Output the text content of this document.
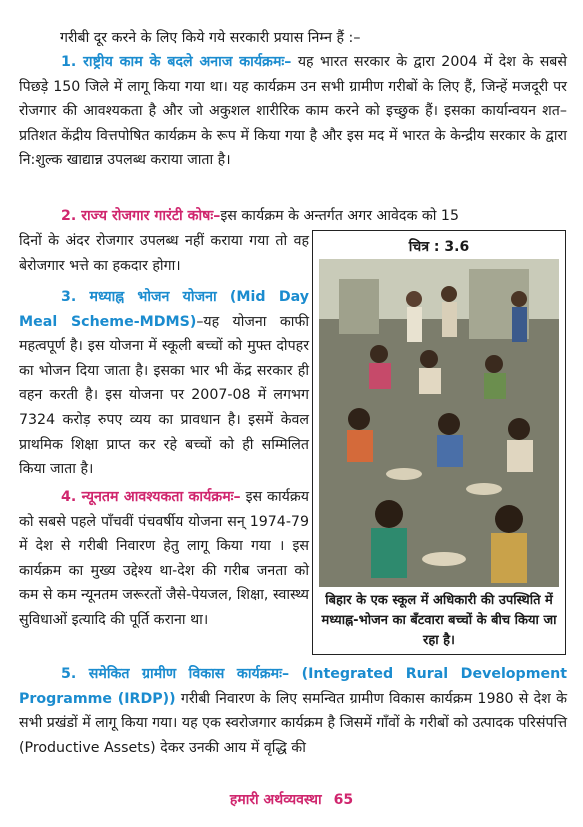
गरीबी दूर करने के लिए किये गये सरकारी प्रयास निम्न हैं :–
1. राष्ट्रीय काम के बदले अनाज कार्यक्रमः– यह भारत सरकार के द्वारा 2004 में देश के सबसे पिछड़े 150 जिले में लागू किया गया था। यह कार्यक्रम उन सभी ग्रामीण गरीबों के लिए हैं, जिन्हें मजदूरी पर रोजगार की आवश्यकता है और जो अकुशल शारीरिक काम करने को इच्छुक हैं। इसका कार्यान्वयन शत–प्रतिशत केंद्रीय वित्तपोषित कार्यक्रम के रूप में किया गया है और इस मद में भारत के केन्द्रीय सरकार के द्वारा नि:शुल्क खाद्यान्न उपलब्ध कराया जाता है।
2. राज्य रोजगार गारंटी कोषः–इस कार्यक्रम के अन्तर्गत अगर आवेदक को 15
दिनों के अंदर रोजगार उपलब्ध नहीं कराया गया तो वह बेरोजगार भत्ते का हकदार होगा।
3. मध्याह्न भोजन योजना (Mid Day Meal Scheme-MDMS)–यह योजना काफी महत्वपूर्ण है। इस योजना में स्कूली बच्चों को मुफ्त दोपहर का भोजन दिया जाता है। इसका भार भी केंद्र सरकार ही वहन करती है। इस योजना पर 2007-08 में लगभग 7324 करोड़ रुपए व्यय का प्रावधान है। इसमें केवल प्राथमिक शिक्षा प्राप्त कर रहे बच्चों को ही सम्मिलित किया जाता है।
4. न्यूनतम आवश्यकता कार्यक्रमः– इस कार्यक्रय को सबसे पहले पाँचवीं पंचवर्षीय योजना सन् 1974-79 में देश से गरीबी निवारण हेतु लागू किया गया । इस कार्यक्रम का मुख्य उद्देश्य था-देश की गरीब जनता को कम से कम न्यूनतम जरूरतों जैसे-पेयजल, शिक्षा, स्वास्थ्य सुविधाओं इत्यादि की पूर्ति कराना था।
5. समेकित ग्रामीण विकास कार्यक्रमः– (Integrated Rural Development Programme (IRDP)) गरीबी निवारण के लिए समन्वित ग्रामीण विकास कार्यक्रम 1980 से देश के सभी प्रखंडों में लागू किया गया। यह एक स्वरोजगार कार्यक्रम है जिसमें गाँवों के गरीबों को उत्पादक परिसंपत्ति (Productive Assets) देकर उनकी आय में वृद्धि की
चित्र : 3.6
बिहार के एक स्कूल में अधिकारी की उपस्थिति में मध्याह्न-भोजन का बँटवारा बच्चों के बीच किया जा रहा है।
हमारी अर्थव्यवस्था 65
